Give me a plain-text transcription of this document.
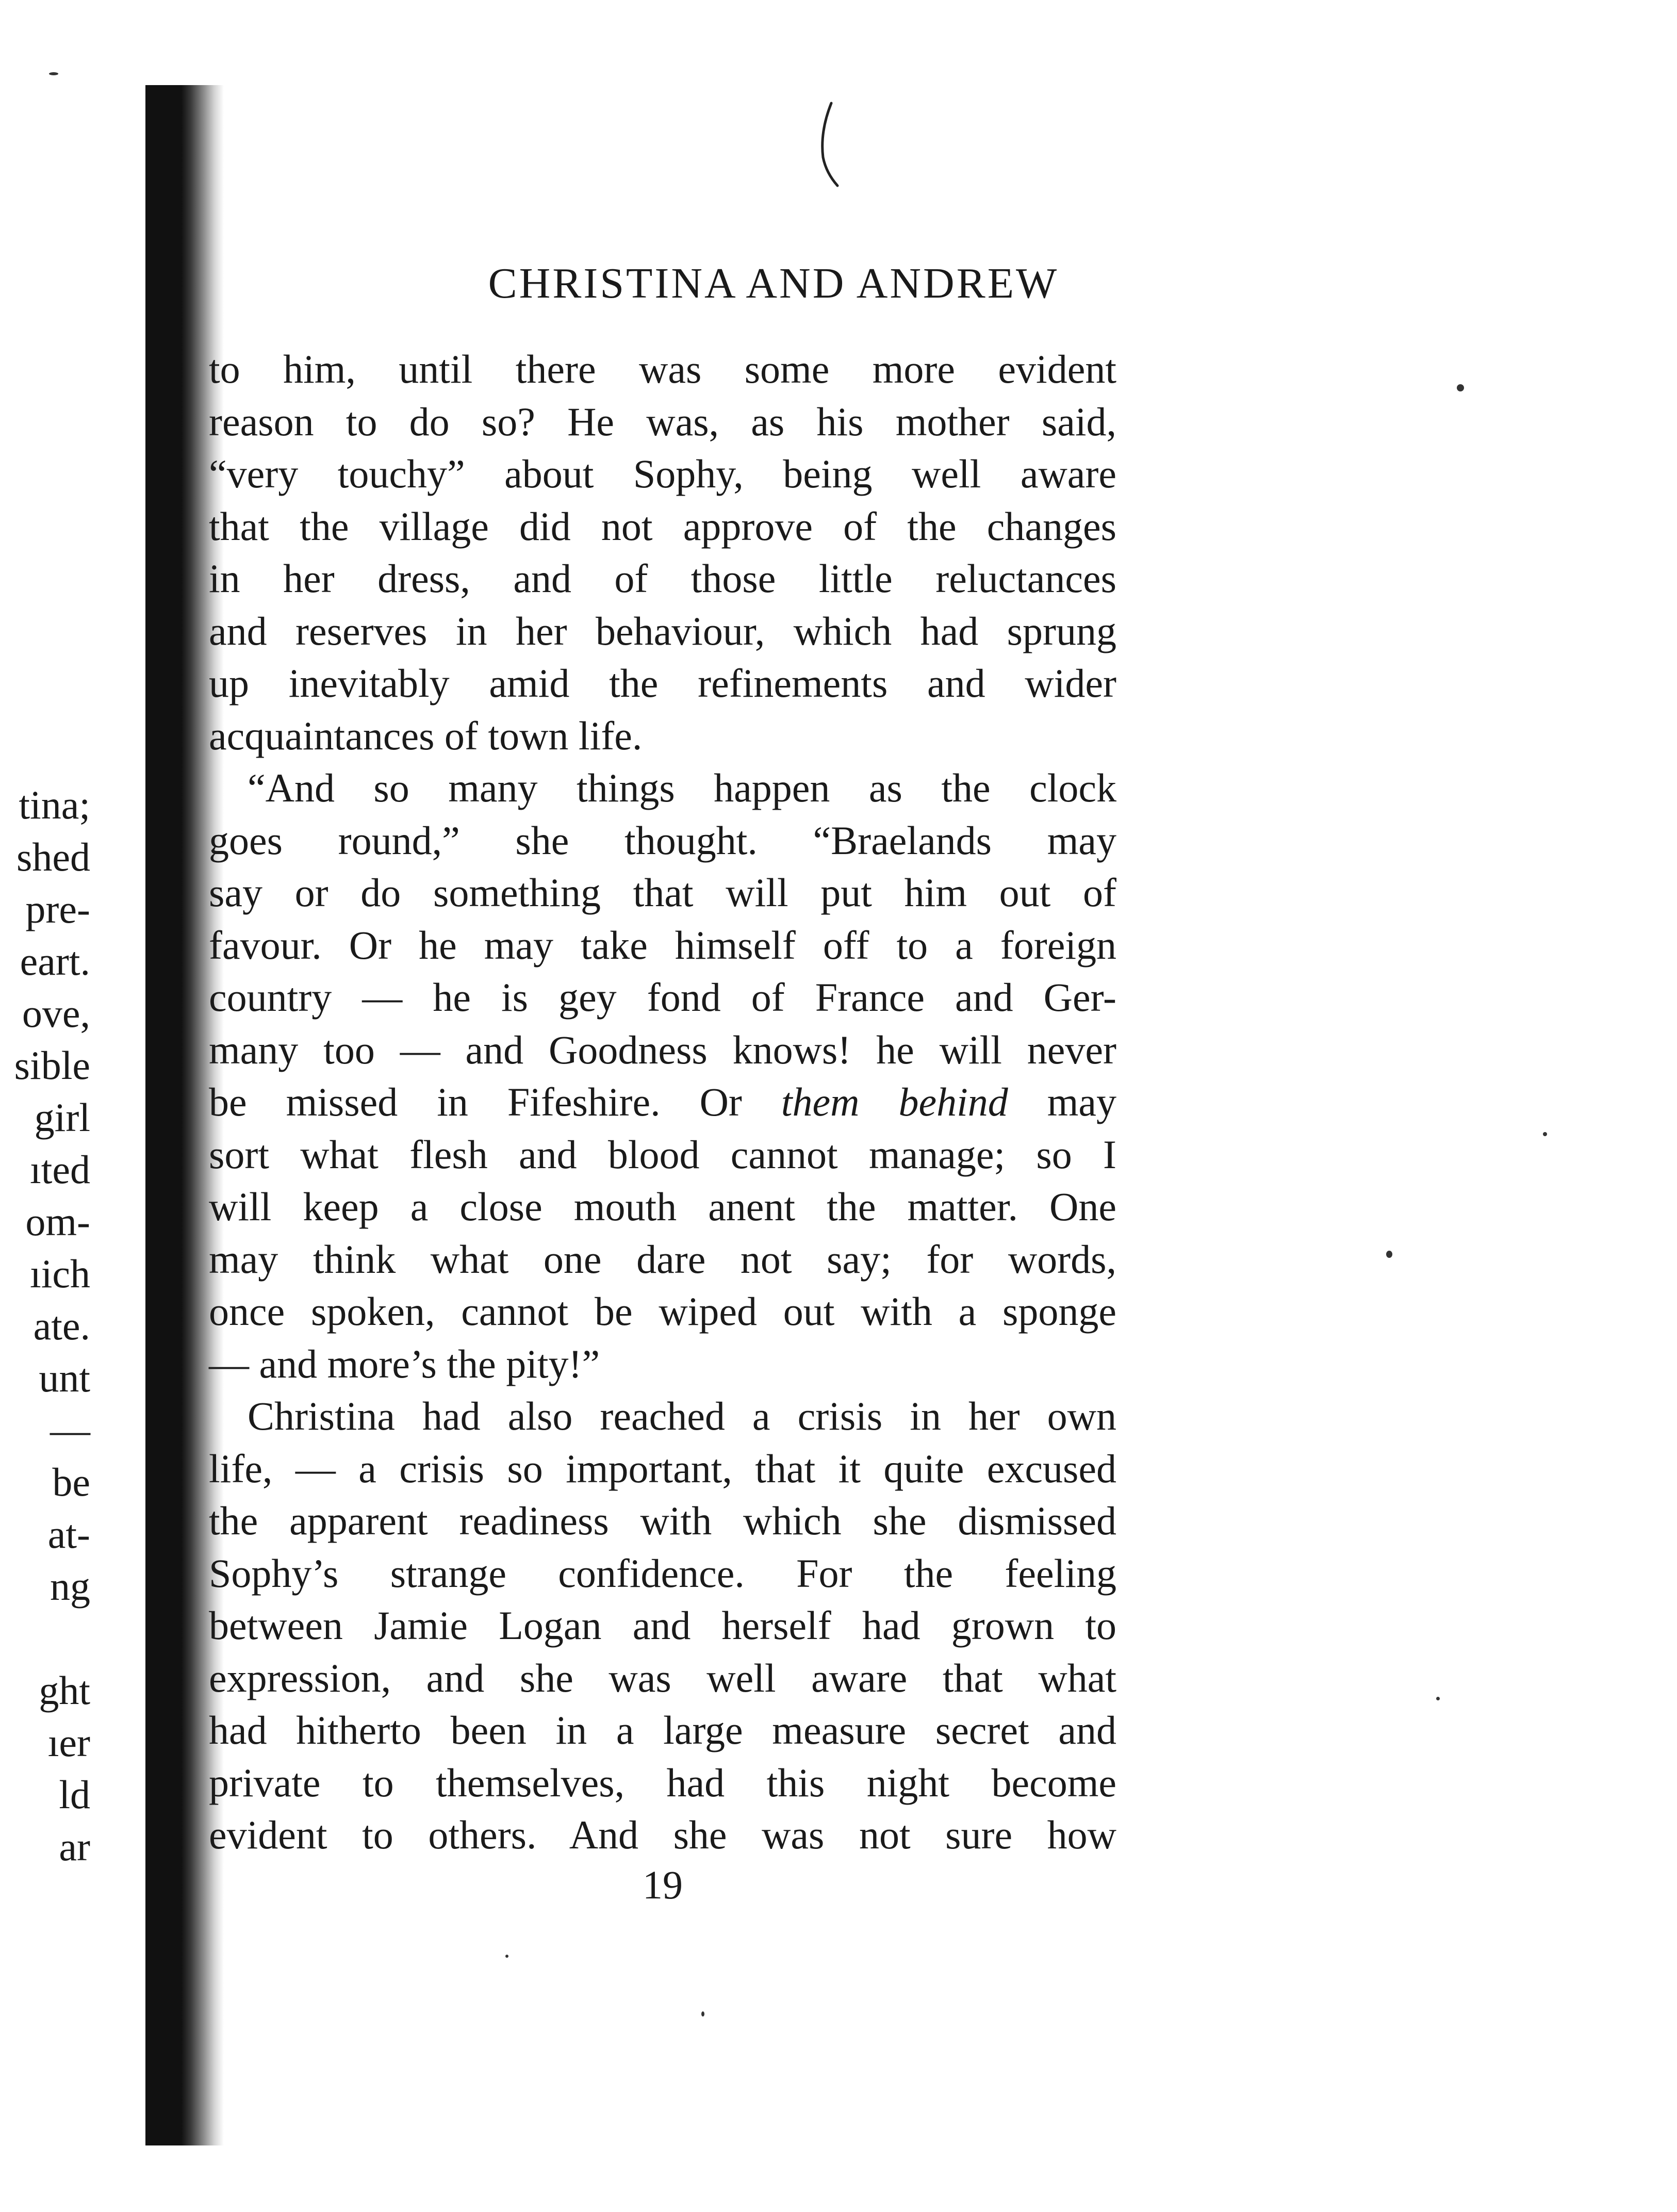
CHRISTINA AND ANDREW
to him, until there was some more evident
reason to do so? He was, as his mother said,
“very touchy” about Sophy, being well aware
that the village did not approve of the changes
in her dress, and of those little reluctances
and reserves in her behaviour, which had sprung
up inevitably amid the refinements and wider
acquaintances of town life.
“And so many things happen as the clock
goes round,” she thought. “Braelands may
say or do something that will put him out of
favour. Or he may take himself off to a foreign
country — he is gey fond of France and Ger-
many too — and Goodness knows! he will never
be missed in Fifeshire. Or them behind may
sort what flesh and blood cannot manage; so I
will keep a close mouth anent the matter. One
may think what one dare not say; for words,
once spoken, cannot be wiped out with a sponge
— and more’s the pity!”
Christina had also reached a crisis in her own
life, — a crisis so important, that it quite excused
the apparent readiness with which she dismissed
Sophy’s strange confidence. For the feeling
between Jamie Logan and herself had grown to
expression, and she was well aware that what
had hitherto been in a large measure secret and
private to themselves, had this night become
evident to others. And she was not sure how
19
tina;
shed
pre-
eart.
ove,
sible
girl
ıted
om-
ıich
ate.
unt
—
be
at-
ng
ght
ıer
ld
ar
